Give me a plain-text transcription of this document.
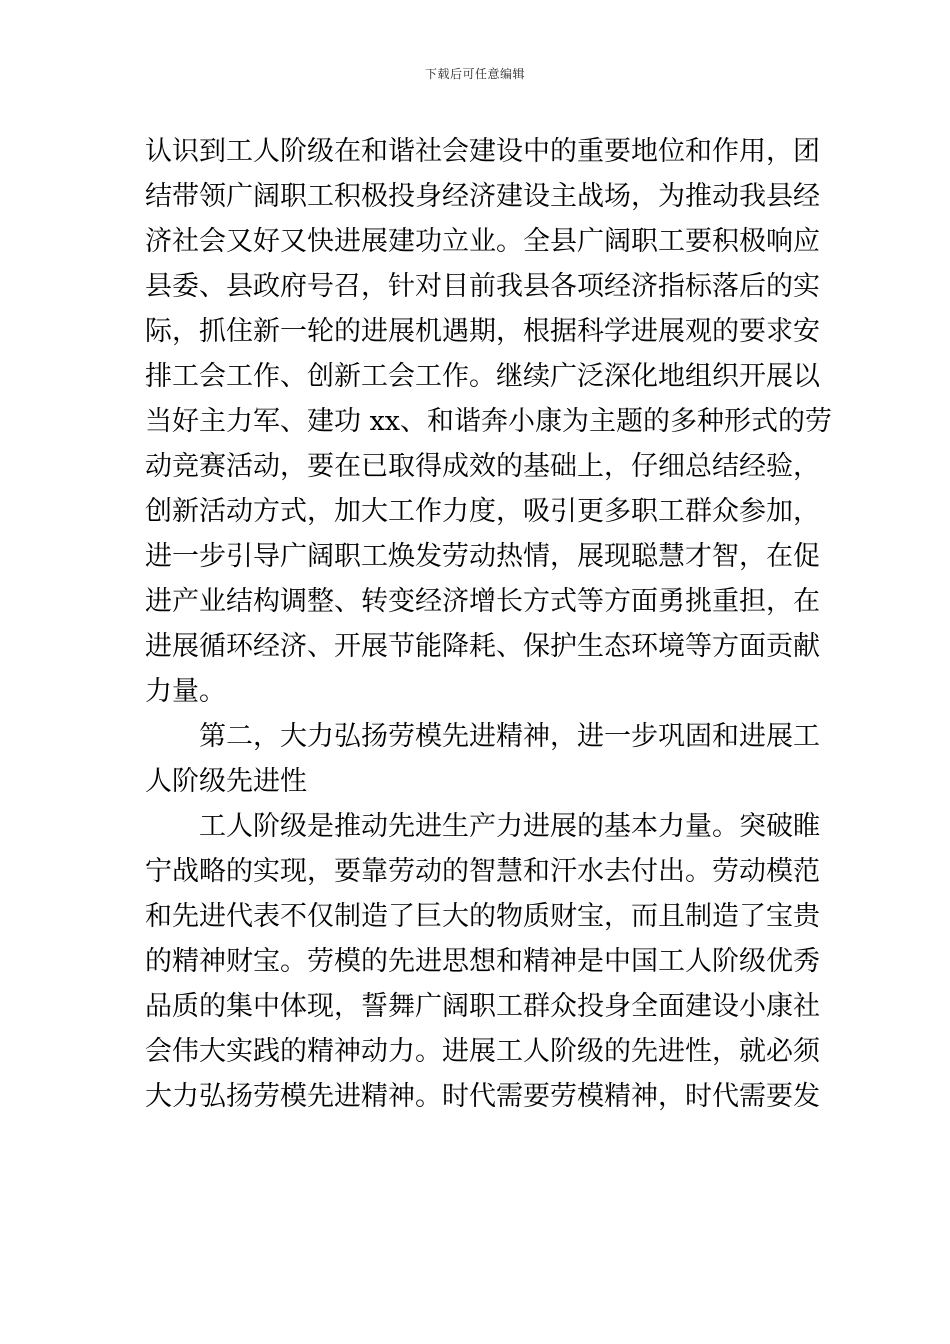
下载后可任意编辑
认识到工人阶级在和谐社会建设中的重要地位和作用，团
结带领广阔职工积极投身经济建设主战场，为推动我县经
济社会又好又快进展建功立业。全县广阔职工要积极响应
县委、县政府号召，针对目前我县各项经济指标落后的实
际，抓住新一轮的进展机遇期，根据科学进展观的要求安
排工会工作、创新工会工作。继续广泛深化地组织开展以
当好主力军、建功 xx、和谐奔小康为主题的多种形式的劳
动竞赛活动，要在已取得成效的基础上，仔细总结经验，
创新活动方式，加大工作力度，吸引更多职工群众参加，
进一步引导广阔职工焕发劳动热情，展现聪慧才智，在促
进产业结构调整、转变经济增长方式等方面勇挑重担，在
进展循环经济、开展节能降耗、保护生态环境等方面贡献
力量。
第二，大力弘扬劳模先进精神，进一步巩固和进展工
人阶级先进性
工人阶级是推动先进生产力进展的基本力量。突破睢
宁战略的实现，要靠劳动的智慧和汗水去付出。劳动模范
和先进代表不仅制造了巨大的物质财宝，而且制造了宝贵
的精神财宝。劳模的先进思想和精神是中国工人阶级优秀
品质的集中体现，誓舞广阔职工群众投身全面建设小康社
会伟大实践的精神动力。进展工人阶级的先进性，就必须
大力弘扬劳模先进精神。时代需要劳模精神，时代需要发
